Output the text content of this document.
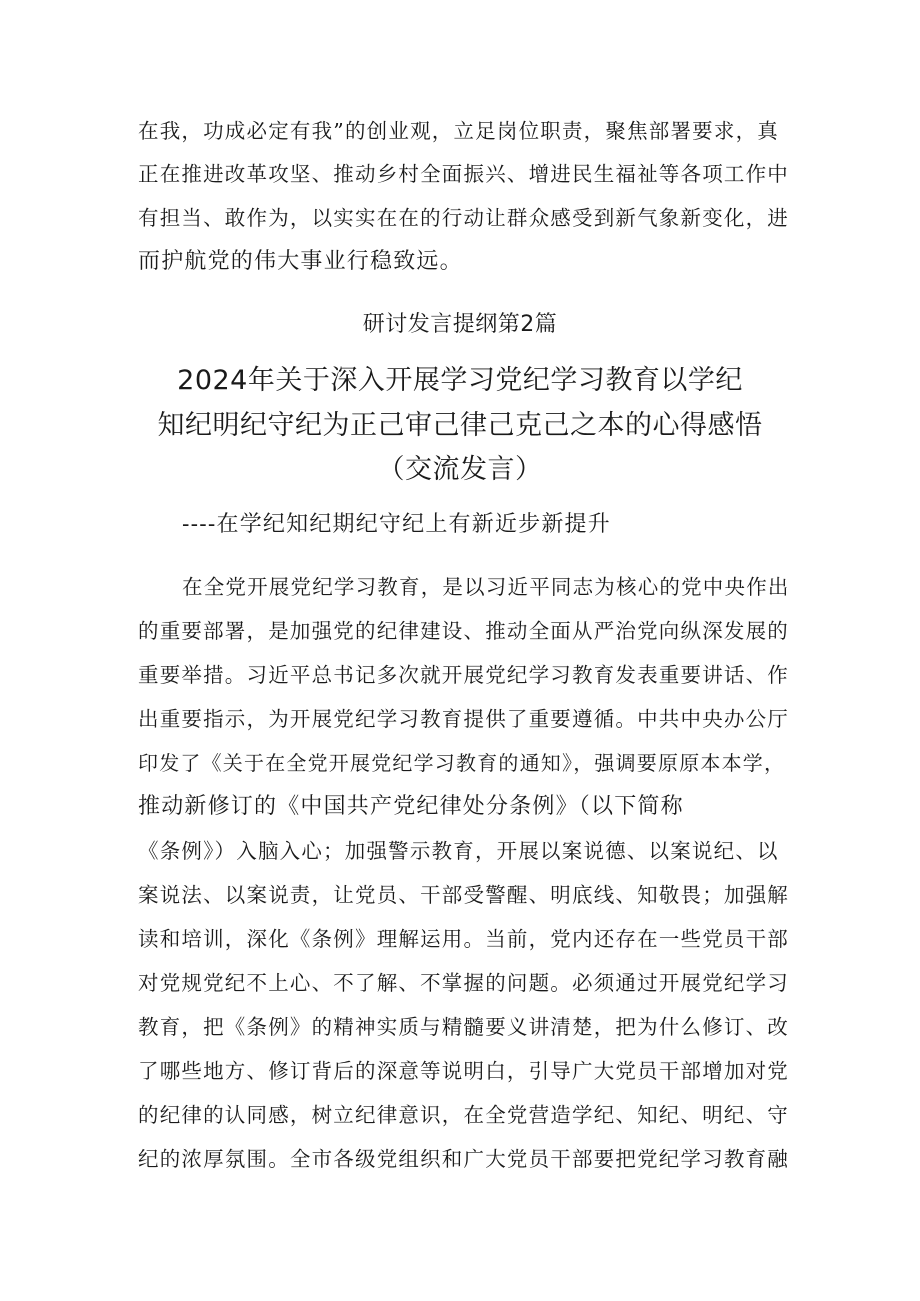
在我，功成必定有我”的创业观，立足岗位职责，聚焦部署要求，真
正在推进改革攻坚、推动乡村全面振兴、增进民生福祉等各项工作中
有担当、敢作为，以实实在在的行动让群众感受到新气象新变化，进
而护航党的伟大事业行稳致远。
研讨发言提纲第2篇
2024年关于深入开展学习党纪学习教育以学纪
知纪明纪守纪为正己审己律己克己之本的心得感悟
（交流发言）
----在学纪知纪期纪守纪上有新近步新提升
在全党开展党纪学习教育，是以习近平同志为核心的党中央作出
的重要部署，是加强党的纪律建设、推动全面从严治党向纵深发展的
重要举措。习近平总书记多次就开展党纪学习教育发表重要讲话、作
出重要指示，为开展党纪学习教育提供了重要遵循。中共中央办公厅
印发了《关于在全党开展党纪学习教育的通知》，强调要原原本本学，
推动新修订的《中国共产党纪律处分条例》（以下简称
《条例》）入脑入心；加强警示教育，开展以案说德、以案说纪、以
案说法、以案说责，让党员、干部受警醒、明底线、知敬畏；加强解
读和培训，深化《条例》理解运用。当前，党内还存在一些党员干部
对党规党纪不上心、不了解、不掌握的问题。必须通过开展党纪学习
教育，把《条例》的精神实质与精髓要义讲清楚，把为什么修订、改
了哪些地方、修订背后的深意等说明白，引导广大党员干部增加对党
的纪律的认同感，树立纪律意识，在全党营造学纪、知纪、明纪、守
纪的浓厚氛围。全市各级党组织和广大党员干部要把党纪学习教育融
